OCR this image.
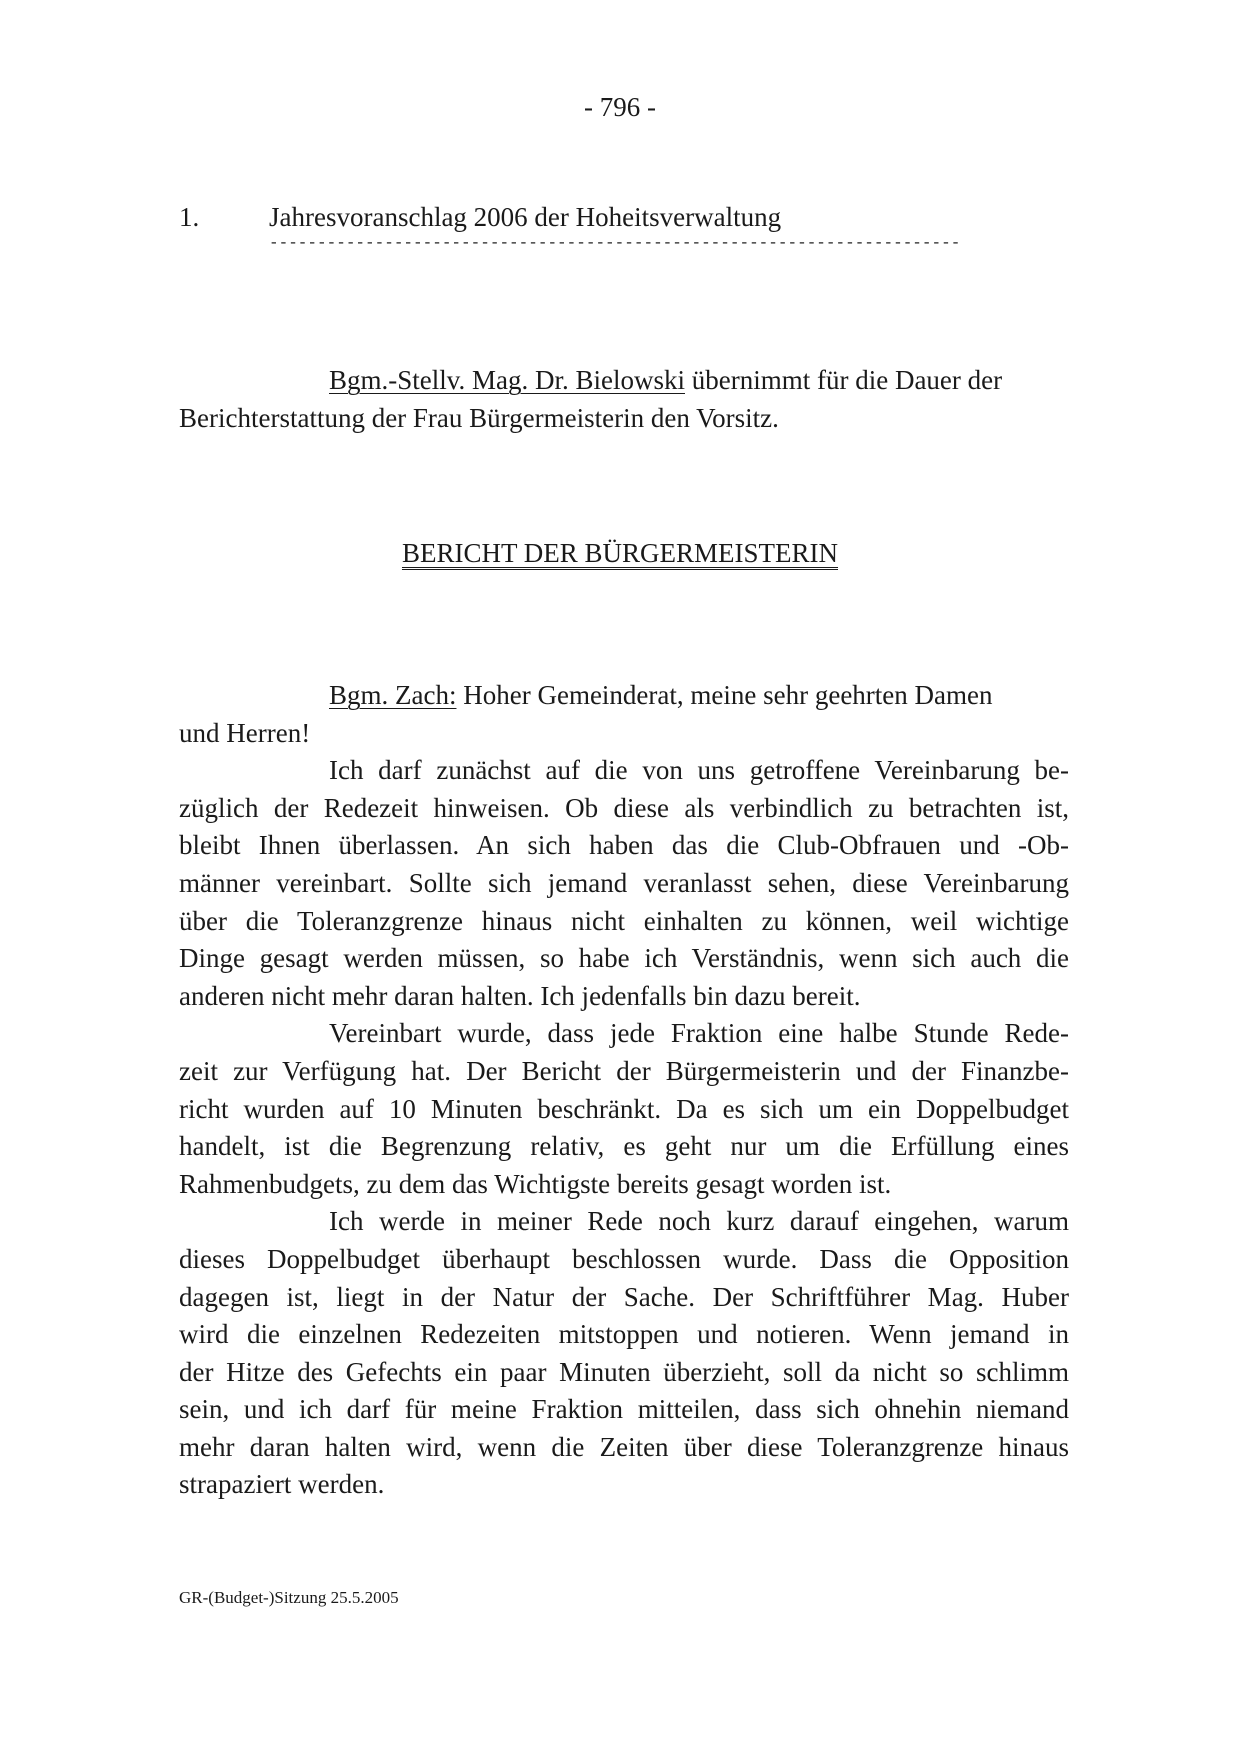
- 796 -
1.	Jahresvoranschlag 2006 der Hoheitsverwaltung
------------------------------------------------------------------------
Bgm.-Stellv. Mag. Dr. Bielowski übernimmt für die Dauer der
Berichterstattung der Frau Bürgermeisterin den Vorsitz.
BERICHT DER BÜRGERMEISTERIN
Bgm. Zach: Hoher Gemeinderat, meine sehr geehrten Damen
und Herren!
Ich darf zunächst auf die von uns getroffene Vereinbarung be-
züglich der Redezeit hinweisen. Ob diese als verbindlich zu betrachten ist,
bleibt Ihnen überlassen. An sich haben das die Club-Obfrauen und -Ob-
männer vereinbart. Sollte sich jemand veranlasst sehen, diese Vereinbarung
über die Toleranzgrenze hinaus nicht einhalten zu können, weil wichtige
Dinge gesagt werden müssen, so habe ich Verständnis, wenn sich auch die
anderen nicht mehr daran halten. Ich jedenfalls bin dazu bereit.
Vereinbart wurde, dass jede Fraktion eine halbe Stunde Rede-
zeit zur Verfügung hat. Der Bericht der Bürgermeisterin und der Finanzbe-
richt wurden auf 10 Minuten beschränkt. Da es sich um ein Doppelbudget
handelt, ist die Begrenzung relativ, es geht nur um die Erfüllung eines
Rahmenbudgets, zu dem das Wichtigste bereits gesagt worden ist.
Ich werde in meiner Rede noch kurz darauf eingehen, warum
dieses Doppelbudget überhaupt beschlossen wurde. Dass die Opposition
dagegen ist, liegt in der Natur der Sache. Der Schriftführer Mag. Huber
wird die einzelnen Redezeiten mitstoppen und notieren. Wenn jemand in
der Hitze des Gefechts ein paar Minuten überzieht, soll da nicht so schlimm
sein, und ich darf für meine Fraktion mitteilen, dass sich ohnehin niemand
mehr daran halten wird, wenn die Zeiten über diese Toleranzgrenze hinaus
strapaziert werden.
GR-(Budget-)Sitzung 25.5.2005
